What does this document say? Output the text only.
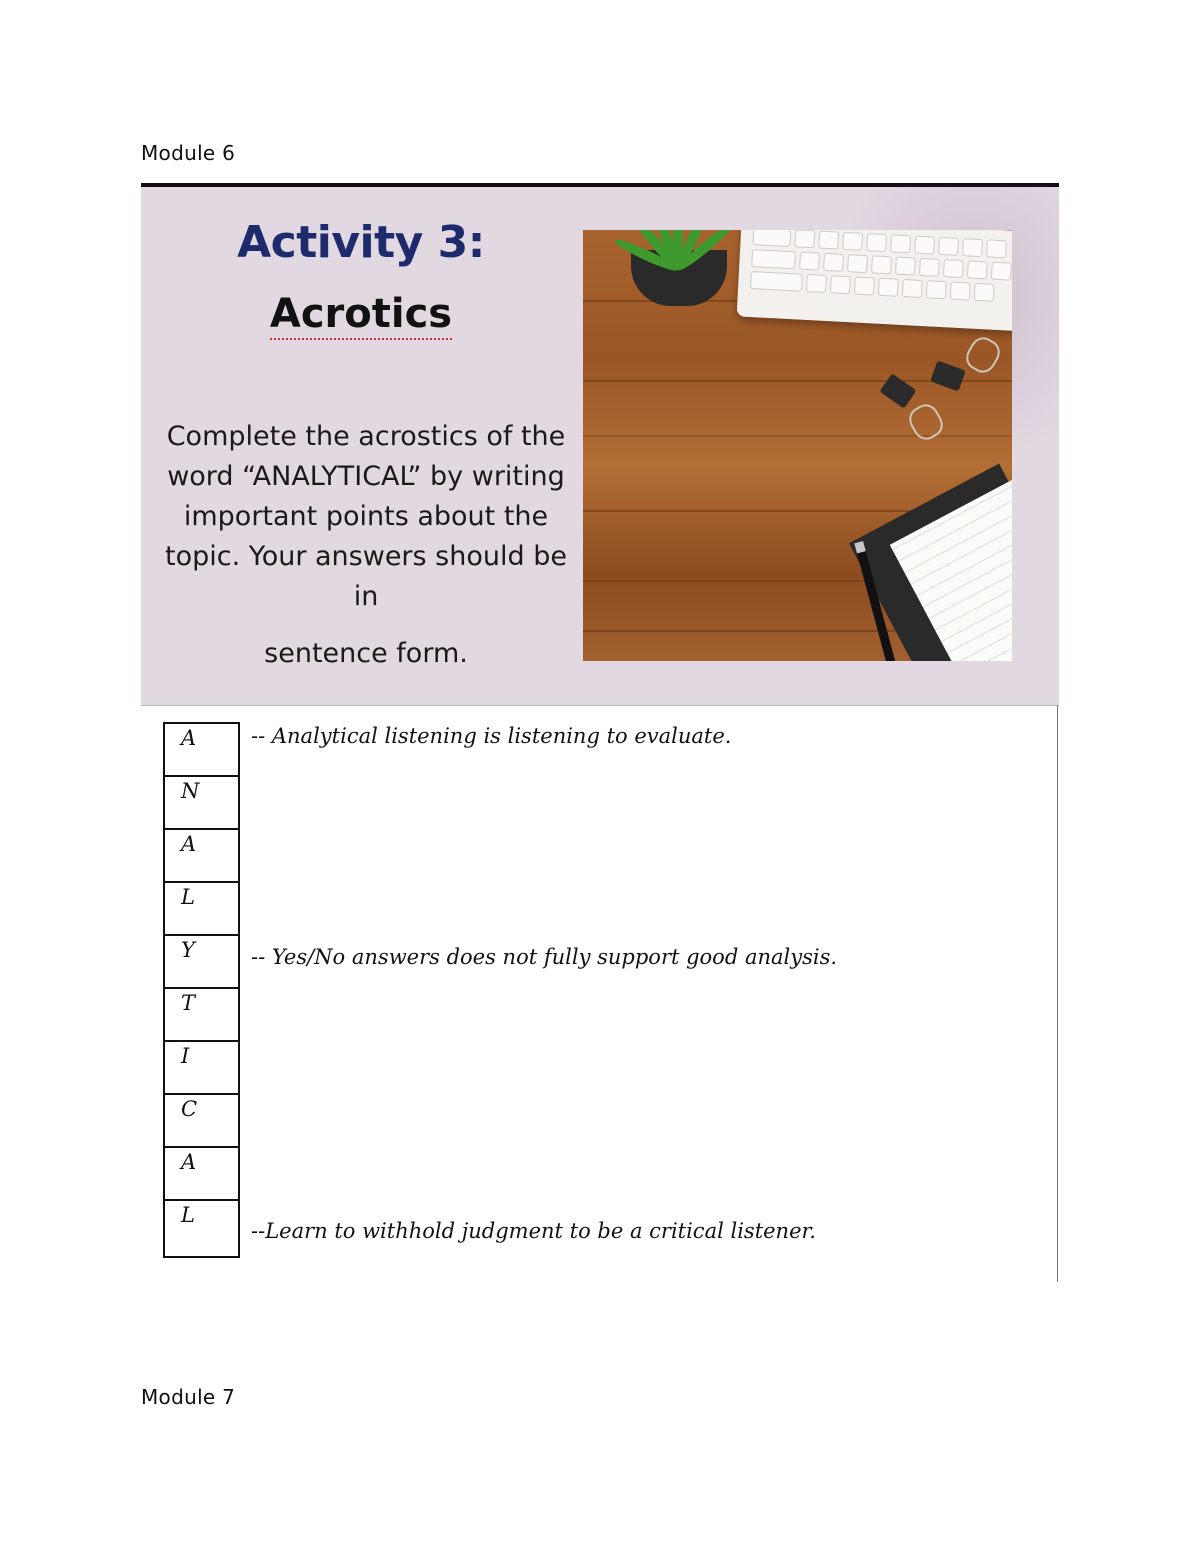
Module 6
Activity 3:
Acrotics
Complete the acrostics of the word “ANALYTICAL” by writing important points about the topic. Your answers should be in
sentence form.
A
N
A
L
Y
T
I
C
A
L
-- Analytical listening is listening to evaluate.
-- Yes/No answers does not fully support good analysis.
--Learn to withhold judgment to be a critical listener.
Module 7
